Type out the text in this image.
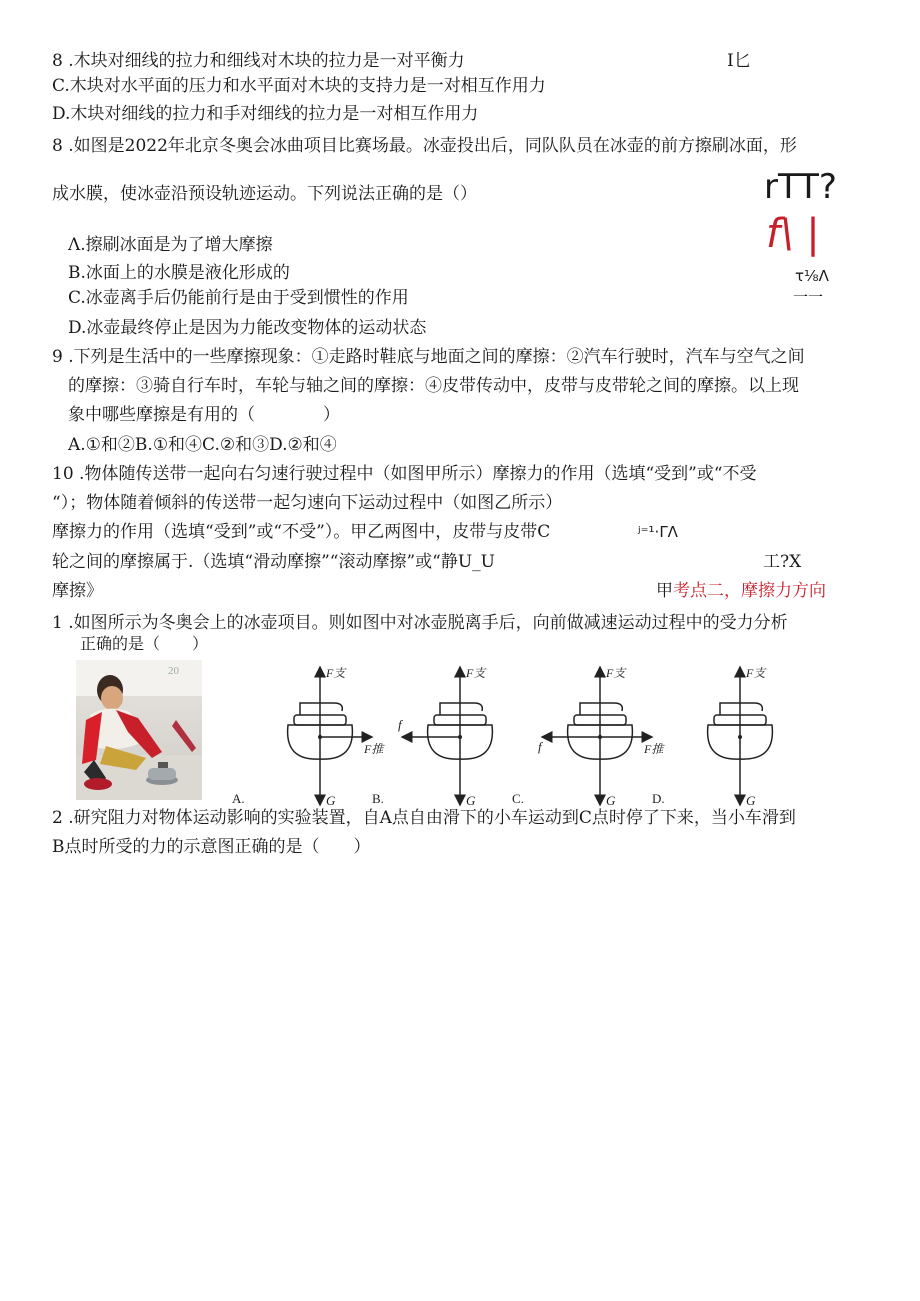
8 .木块对细线的拉力和细线对木块的拉力是一对平衡力	I匕
C.木块对水平面的压力和水平面对木块的支持力是一对相互作用力
D.木块对细线的拉力和手对细线的拉力是一对相互作用力
8 .如图是2022年北京冬奥会冰曲项目比赛场最。冰壶投出后，同队队员在冰壶的前方擦刷冰面，形
成水膜，使冰壶沿预设轨迹运动。下列说法正确的是（）	rTT?
f\ |
τ⅛Λ
一一
Λ.擦刷冰面是为了增大摩擦
B.冰面上的水膜是液化形成的
C.冰壶离手后仍能前行是由于受到惯性的作用
D.冰壶最终停止是因为力能改变物体的运动状态
9 .下列是生活中的一些摩擦现象：①走路时鞋底与地面之间的摩擦：②汽车行驶时，汽车与空气之间
的摩擦：③骑自行车时，车轮与轴之间的摩擦：④皮带传动中，皮带与皮带轮之间的摩擦。以上现
象中哪些摩擦是有用的（　　　　）
A.①和②B.①和④C.②和③D.②和④
10 .物体随传送带一起向右匀速行驶过程中（如图甲所示）摩擦力的作用（选填“受到”或“不受
“）；物体随着倾斜的传送带一起匀速向下运动过程中（如图乙所示）
摩擦力的作用（选填“受到”或“不受”）。甲乙两图中，皮带与皮带C	ʲ⁼¹·ΓΛ
轮之间的摩擦属于.（选填“滑动摩擦”“滚动摩擦”或“静U_U	工?X
摩擦》	甲考点二，摩擦力方向
1 .如图所示为冬奥会上的冰壶项目。则如图中对冰壶脱离手后，向前做减速运动过程中的受力分析
正确的是（　　）
20	F支
G
F推
A.
F支
G
f
B.
F支
G
f	F推
C.
F支
G
D.
2 .研究阻力对物体运动影响的实验装置，自A点自由滑下的小车运动到C点时停了下来，当小车滑到
B点时所受的力的示意图正确的是（　　）
